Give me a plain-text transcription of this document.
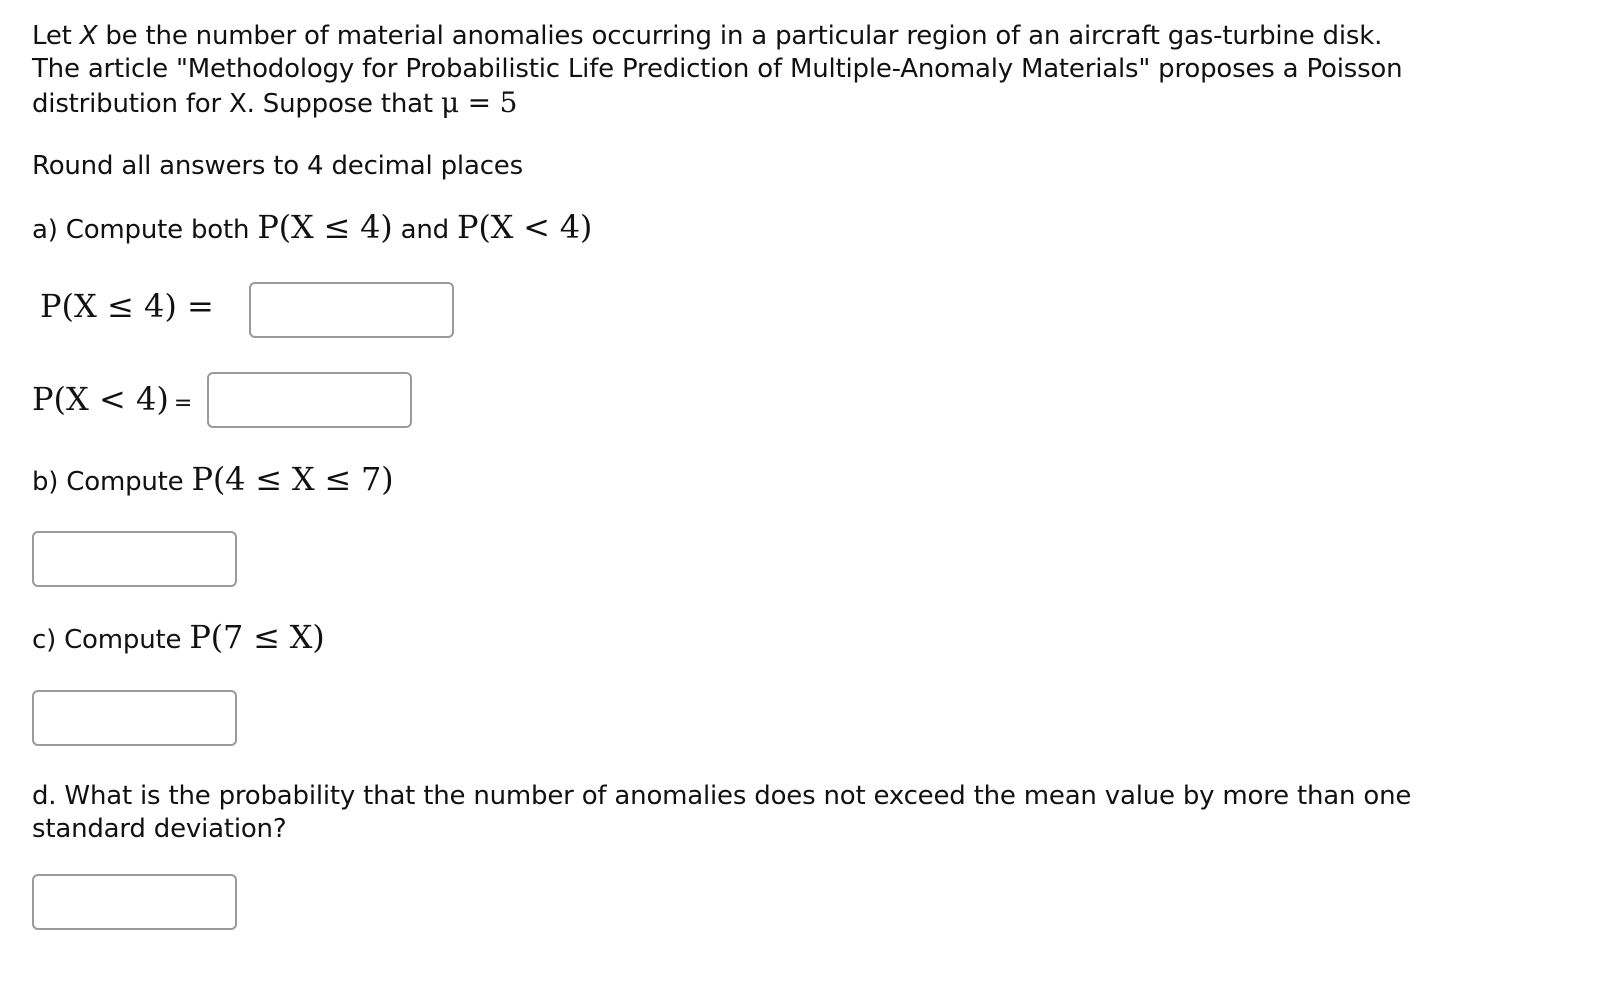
Let X be the number of material anomalies occurring in a particular region of an aircraft gas-turbine disk.
The article "Methodology for Probabilistic Life Prediction of Multiple-Anomaly Materials" proposes a Poisson
distribution for X. Suppose that μ = 5
Round all answers to 4 decimal places
a) Compute both P(X ≤ 4) and P(X < 4)
P(X ≤ 4) =
P(X < 4) =
b) Compute P(4 ≤ X ≤ 7)
c) Compute P(7 ≤ X)
d. What is the probability that the number of anomalies does not exceed the mean value by more than one
standard deviation?
